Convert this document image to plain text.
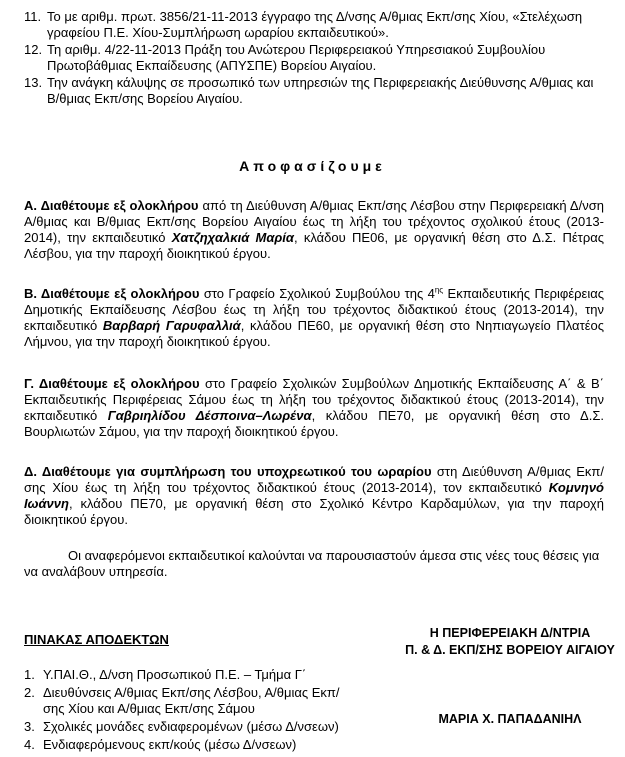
11. Το με αριθμ. πρωτ. 3856/21-11-2013 έγγραφο της Δ/νσης Α/θμιας Εκπ/σης Χίου, «Στελέχωση γραφείου Π.Ε. Χίου-Συμπλήρωση ωραρίου εκπαιδευτικού».
12. Τη αριθμ. 4/22-11-2013 Πράξη του Ανώτερου Περιφερειακού Υπηρεσιακού Συμβουλίου Πρωτοβάθμιας Εκπαίδευσης (ΑΠΥΣΠΕ) Βορείου Αιγαίου.
13. Την ανάγκη κάλυψης σε προσωπικό των υπηρεσιών της Περιφερειακής Διεύθυνσης Α/θμιας και Β/θμιας Εκπ/σης Βορείου Αιγαίου.
Αποφασίζουμε
Α. Διαθέτουμε εξ ολοκλήρου από τη Διεύθυνση Α/θμιας Εκπ/σης Λέσβου στην Περιφερειακή Δ/νση Α/θμιας και Β/θμιας Εκπ/σης Βορείου Αιγαίου έως τη λήξη του τρέχοντος σχολικού έτους (2013-2014), την εκπαιδευτικό Χατζηχαλκιά Μαρία, κλάδου ΠΕ06, με οργανική θέση στο Δ.Σ. Πέτρας Λέσβου, για την παροχή διοικητικού έργου.
Β. Διαθέτουμε εξ ολοκλήρου στο Γραφείο Σχολικού Συμβούλου της $4^{\eta\varsigma}$ Εκπαιδευτικής Περιφέρειας Δημοτικής Εκπαίδευσης Λέσβου έως τη λήξη του τρέχοντος διδακτικού έτους (2013-2014), την εκπαιδευτικό Βαρβαρή Γαρυφαλλιά, κλάδου ΠΕ60, με οργανική θέση στο Νηπιαγωγείο Πλατέος Λήμνου, για την παροχή διοικητικού έργου.
Γ. Διαθέτουμε εξ ολοκλήρου στο Γραφείο Σχολικών Συμβούλων Δημοτικής Εκπαίδευσης Α΄ & Β΄ Εκπαιδευτικής Περιφέρειας Σάμου έως τη λήξη του τρέχοντος διδακτικού έτους (2013-2014), την εκπαιδευτικό Γαβριηλίδου Δέσποινα–Λωρένα, κλάδου ΠΕ70, με οργανική θέση στο Δ.Σ. Βουρλιωτών Σάμου, για την παροχή διοικητικού έργου.
Δ. Διαθέτουμε για συμπλήρωση του υποχρεωτικού του ωραρίου στη Διεύθυνση Α/θμιας Εκπ/σης Χίου έως τη λήξη του τρέχοντος διδακτικού έτους (2013-2014), τον εκπαιδευτικό Κομνηνό Ιωάννη, κλάδου ΠΕ70, με οργανική θέση στο Σχολικό Κέντρο Καρδαμύλων, για την παροχή διοικητικού έργου.
Οι αναφερόμενοι εκπαιδευτικοί καλούνται να παρουσιαστούν άμεσα στις νέες τους θέσεις για να αναλάβουν υπηρεσία.
ΠΙΝΑΚΑΣ ΑΠΟΔΕΚΤΩΝ
1. Υ.ΠΑΙ.Θ., Δ/νση Προσωπικού Π.Ε. – Τμήμα Γ΄
2. Διευθύνσεις Α/θμιας Εκπ/σης Λέσβου, Α/θμιας Εκπ/σης Χίου και Α/θμιας Εκπ/σης Σάμου
3. Σχολικές μονάδες ενδιαφερομένων (μέσω Δ/νσεων)
4. Ενδιαφερόμενους εκπ/κούς (μέσω Δ/νσεων)
Η ΠΕΡΙΦΕΡΕΙΑΚΗ Δ/ΝΤΡΙΑ
Π. & Δ. ΕΚΠ/ΣΗΣ ΒΟΡΕΙΟΥ ΑΙΓΑΙΟΥ
ΜΑΡΙΑ Χ. ΠΑΠΑΔΑΝΙΗΛ
